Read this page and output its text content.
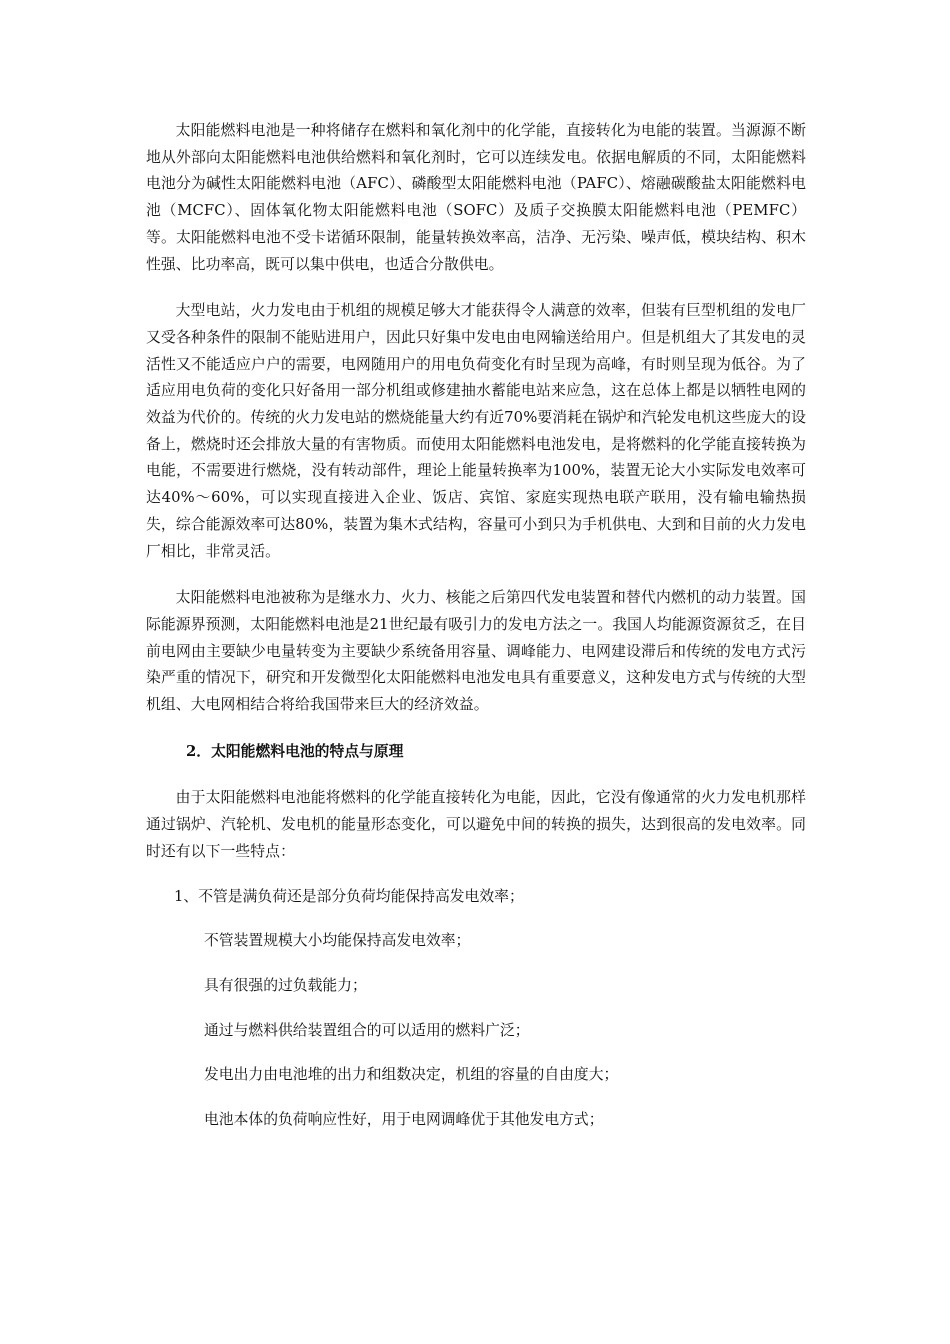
太阳能燃料电池是一种将储存在燃料和氧化剂中的化学能，直接转化为电能的装置。当源源不断地从外部向太阳能燃料电池供给燃料和氧化剂时，它可以连续发电。依据电解质的不同，太阳能燃料电池分为碱性太阳能燃料电池（AFC）、磷酸型太阳能燃料电池（PAFC）、熔融碳酸盐太阳能燃料电池（MCFC）、固体氧化物太阳能燃料电池（SOFC）及质子交换膜太阳能燃料电池（PEMFC）等。太阳能燃料电池不受卡诺循环限制，能量转换效率高，洁净、无污染、噪声低，模块结构、积木性强、比功率高，既可以集中供电，也适合分散供电。

大型电站，火力发电由于机组的规模足够大才能获得令人满意的效率，但装有巨型机组的发电厂又受各种条件的限制不能贴进用户，因此只好集中发电由电网输送给用户。但是机组大了其发电的灵活性又不能适应户户的需要，电网随用户的用电负荷变化有时呈现为高峰，有时则呈现为低谷。为了适应用电负荷的变化只好备用一部分机组或修建抽水蓄能电站来应急，这在总体上都是以牺牲电网的效益为代价的。传统的火力发电站的燃烧能量大约有近70%要消耗在锅炉和汽轮发电机这些庞大的设备上，燃烧时还会排放大量的有害物质。而使用太阳能燃料电池发电，是将燃料的化学能直接转换为电能，不需要进行燃烧，没有转动部件，理论上能量转换率为100%，装置无论大小实际发电效率可达40%～60%，可以实现直接进入企业、饭店、宾馆、家庭实现热电联产联用，没有输电输热损失，综合能源效率可达80%，装置为集木式结构，容量可小到只为手机供电、大到和目前的火力发电厂相比，非常灵活。

太阳能燃料电池被称为是继水力、火力、核能之后第四代发电装置和替代内燃机的动力装置。国际能源界预测，太阳能燃料电池是21世纪最有吸引力的发电方法之一。我国人均能源资源贫乏，在目前电网由主要缺少电量转变为主要缺少系统备用容量、调峰能力、电网建设滞后和传统的发电方式污染严重的情况下，研究和开发微型化太阳能燃料电池发电具有重要意义，这种发电方式与传统的大型机组、大电网相结合将给我国带来巨大的经济效益。

2．太阳能燃料电池的特点与原理

由于太阳能燃料电池能将燃料的化学能直接转化为电能，因此，它没有像通常的火力发电机那样通过锅炉、汽轮机、发电机的能量形态变化，可以避免中间的转换的损失，达到很高的发电效率。同时还有以下一些特点：

1、不管是满负荷还是部分负荷均能保持高发电效率；

不管装置规模大小均能保持高发电效率；

具有很强的过负载能力；

通过与燃料供给装置组合的可以适用的燃料广泛；

发电出力由电池堆的出力和组数决定，机组的容量的自由度大；

电池本体的负荷响应性好，用于电网调峰优于其他发电方式；
